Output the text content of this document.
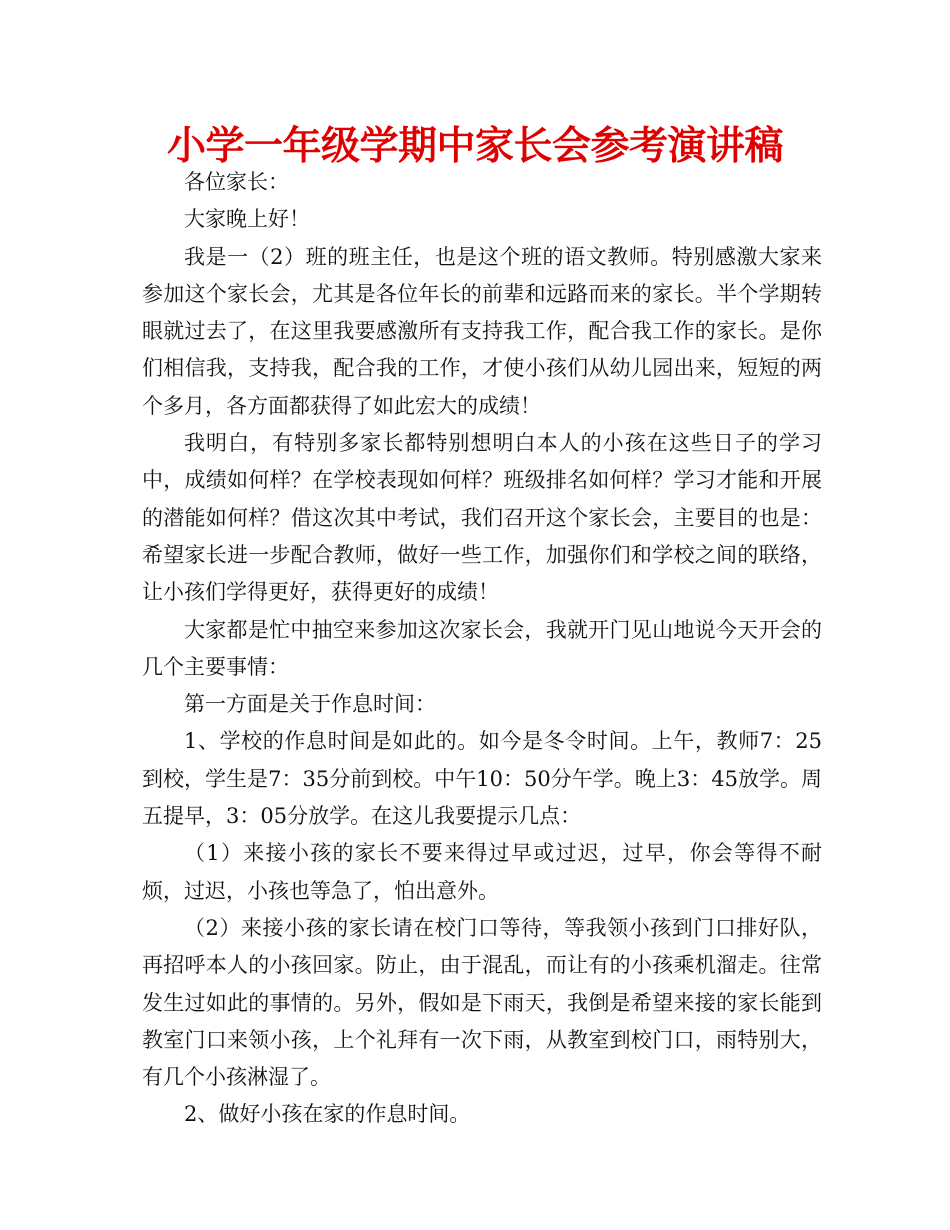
小学一年级学期中家长会参考演讲稿

各位家长：

大家晚上好！

我是一（2）班的班主任，也是这个班的语文教师。特别感激大家来参加这个家长会，尤其是各位年长的前辈和远路而来的家长。半个学期转眼就过去了，在这里我要感激所有支持我工作，配合我工作的家长。是你们相信我，支持我，配合我的工作，才使小孩们从幼儿园出来，短短的两个多月，各方面都获得了如此宏大的成绩！

我明白，有特别多家长都特别想明白本人的小孩在这些日子的学习中，成绩如何样？在学校表现如何样？班级排名如何样？学习才能和开展的潜能如何样？借这次其中考试，我们召开这个家长会，主要目的也是：希望家长进一步配合教师，做好一些工作，加强你们和学校之间的联络，让小孩们学得更好，获得更好的成绩！

大家都是忙中抽空来参加这次家长会，我就开门见山地说今天开会的几个主要事情：

第一方面是关于作息时间：

1、学校的作息时间是如此的。如今是冬令时间。上午，教师7：25到校，学生是7：35分前到校。中午10：50分午学。晚上3：45放学。周五提早，3：05分放学。在这儿我要提示几点：

（1）来接小孩的家长不要来得过早或过迟，过早，你会等得不耐烦，过迟，小孩也等急了，怕出意外。

（2）来接小孩的家长请在校门口等待，等我领小孩到门口排好队，再招呼本人的小孩回家。防止，由于混乱，而让有的小孩乘机溜走。往常发生过如此的事情的。另外，假如是下雨天，我倒是希望来接的家长能到教室门口来领小孩，上个礼拜有一次下雨，从教室到校门口，雨特别大，有几个小孩淋湿了。

2、做好小孩在家的作息时间。
